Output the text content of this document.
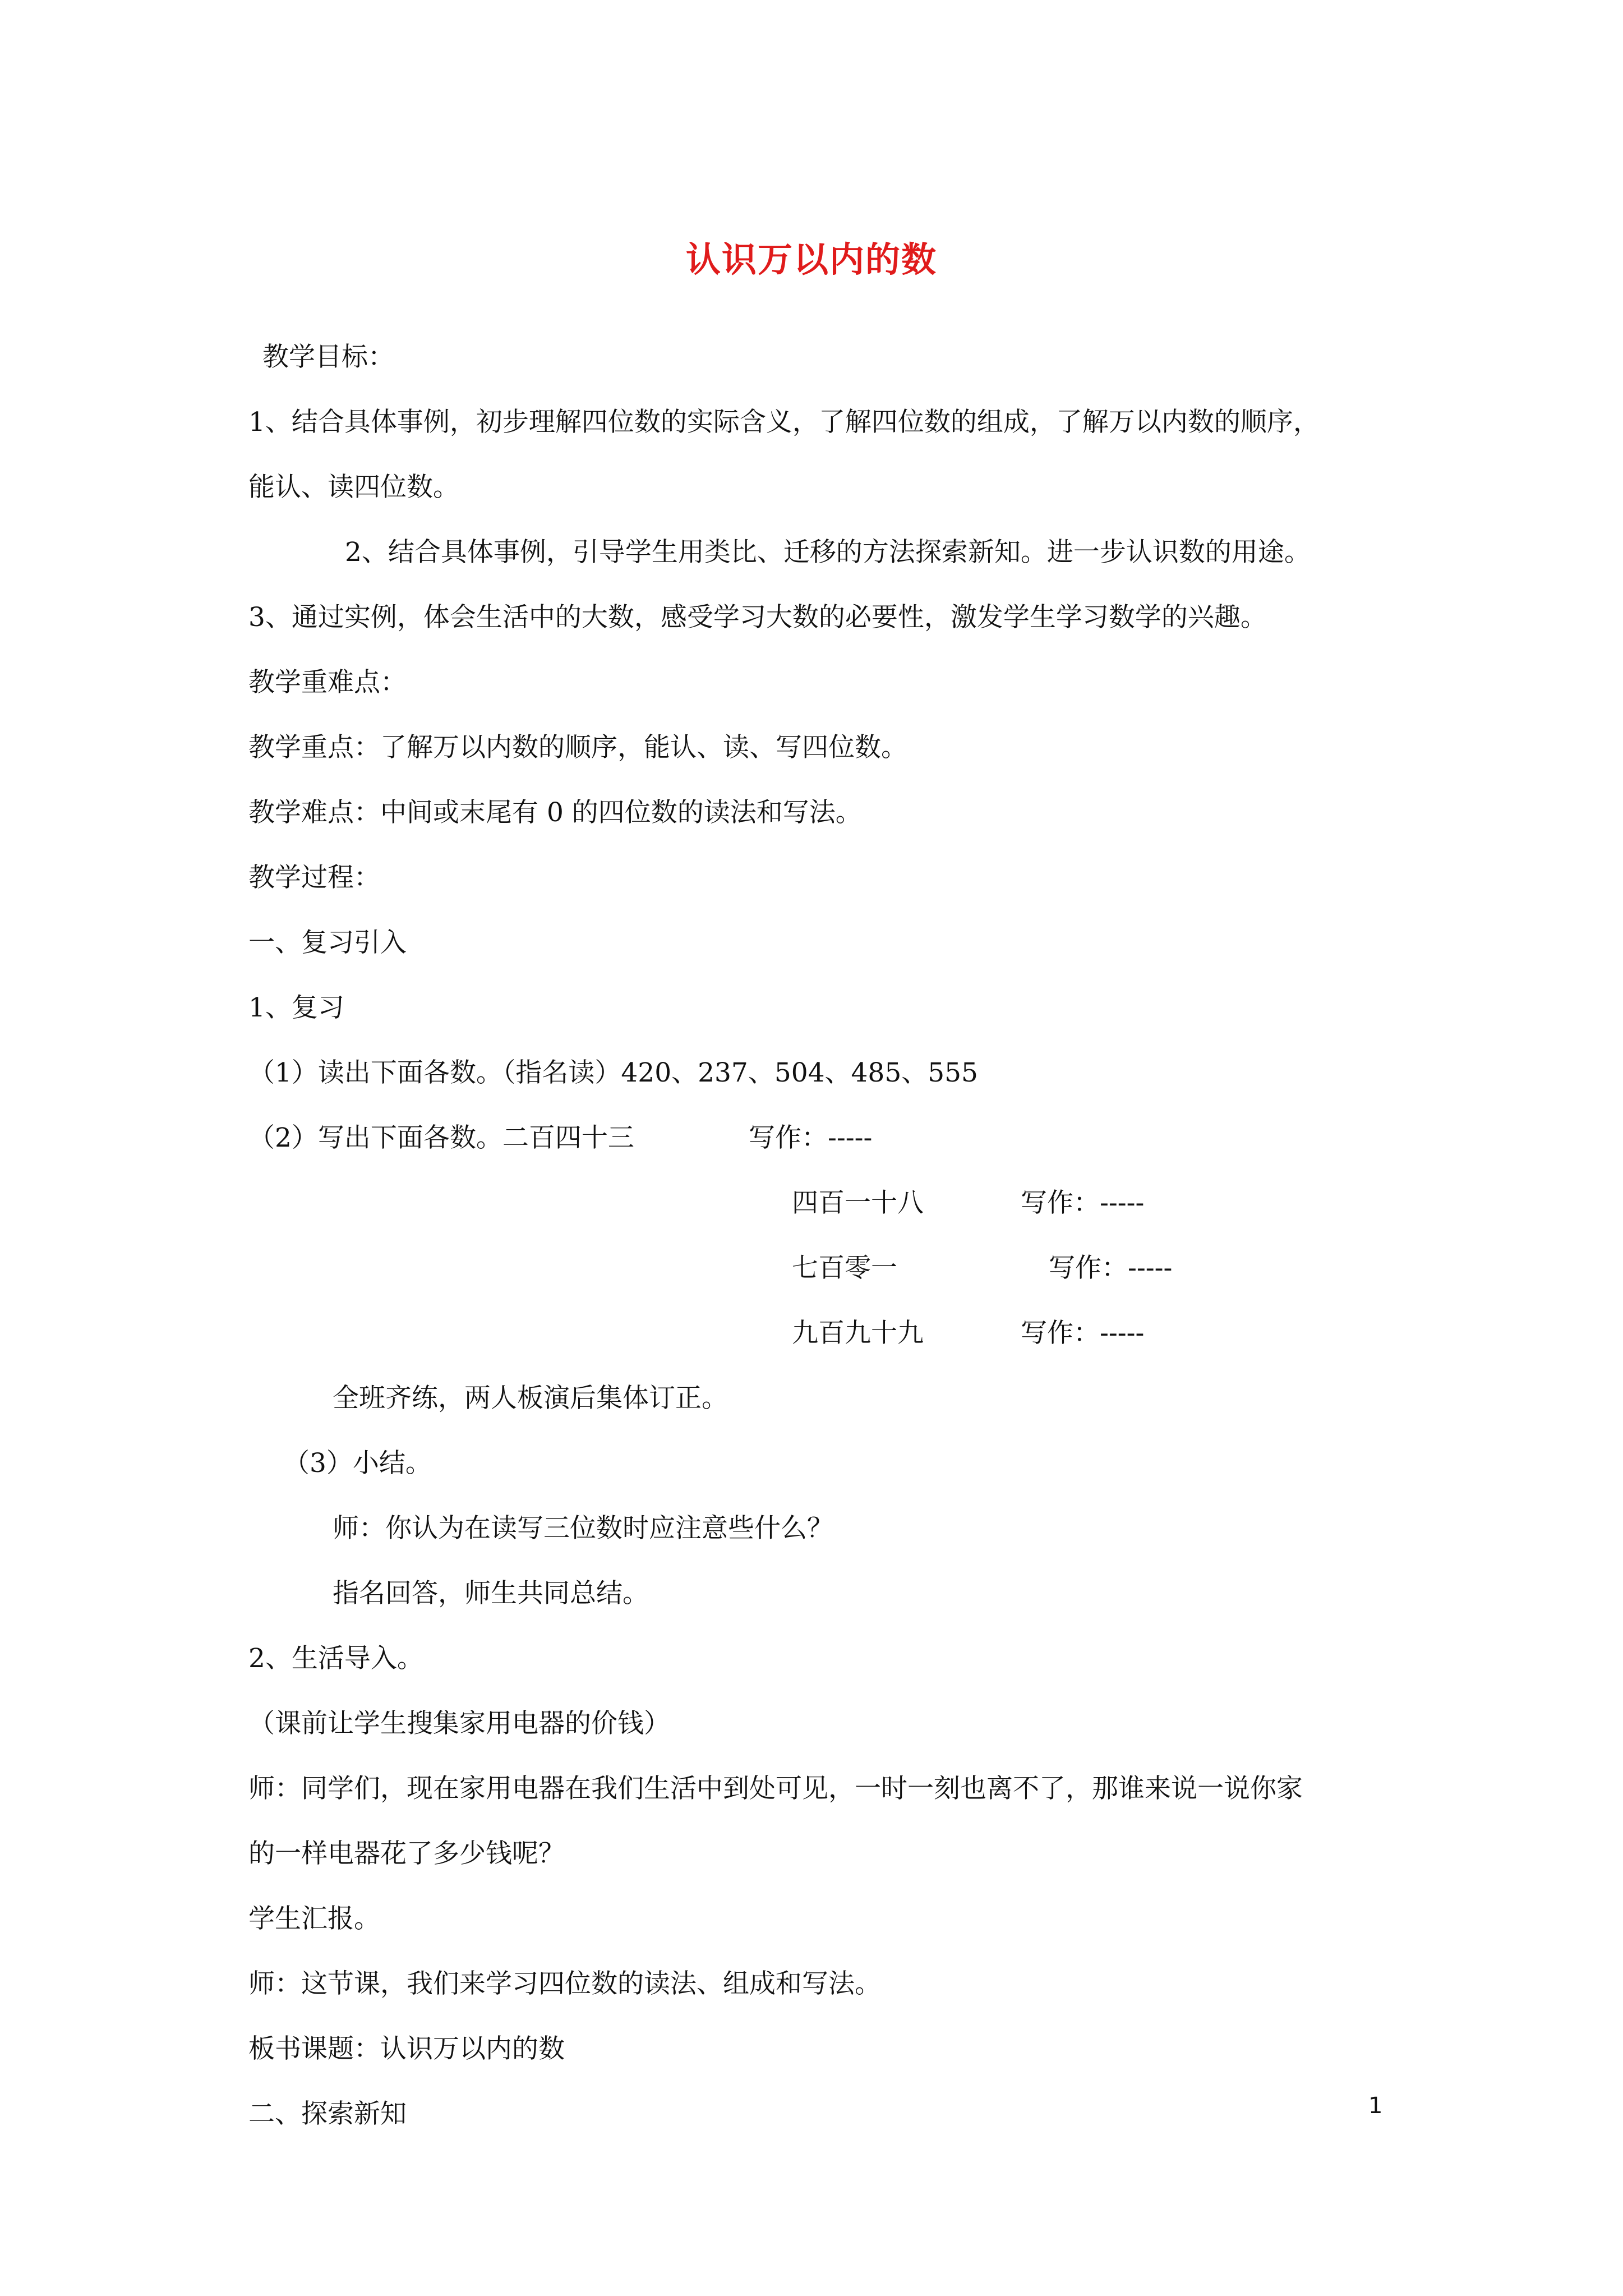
认识万以内的数
教学目标：
1、结合具体事例，初步理解四位数的实际含义，了解四位数的组成，了解万以内数的顺序，
能认、读四位数。
2、结合具体事例，引导学生用类比、迁移的方法探索新知。进一步认识数的用途。
3、通过实例，体会生活中的大数，感受学习大数的必要性，激发学生学习数学的兴趣。
教学重难点：
教学重点：了解万以内数的顺序，能认、读、写四位数。
教学难点：中间或末尾有 0 的四位数的读法和写法。
教学过程：
一、复习引入
1、复习
（1）读出下面各数。（指名读）420、237、504、485、555
（2）写出下面各数。二百四十三	写作：-----
四百一十八	写作：-----
七百零一	写作：-----
九百九十九	写作：-----
全班齐练，两人板演后集体订正。
（3）小结。
师：你认为在读写三位数时应注意些什么？
指名回答，师生共同总结。
2、生活导入。
（课前让学生搜集家用电器的价钱）
师：同学们，现在家用电器在我们生活中到处可见，一时一刻也离不了，那谁来说一说你家
的一样电器花了多少钱呢？
学生汇报。
师：这节课，我们来学习四位数的读法、组成和写法。
板书课题：认识万以内的数
二、探索新知	1
